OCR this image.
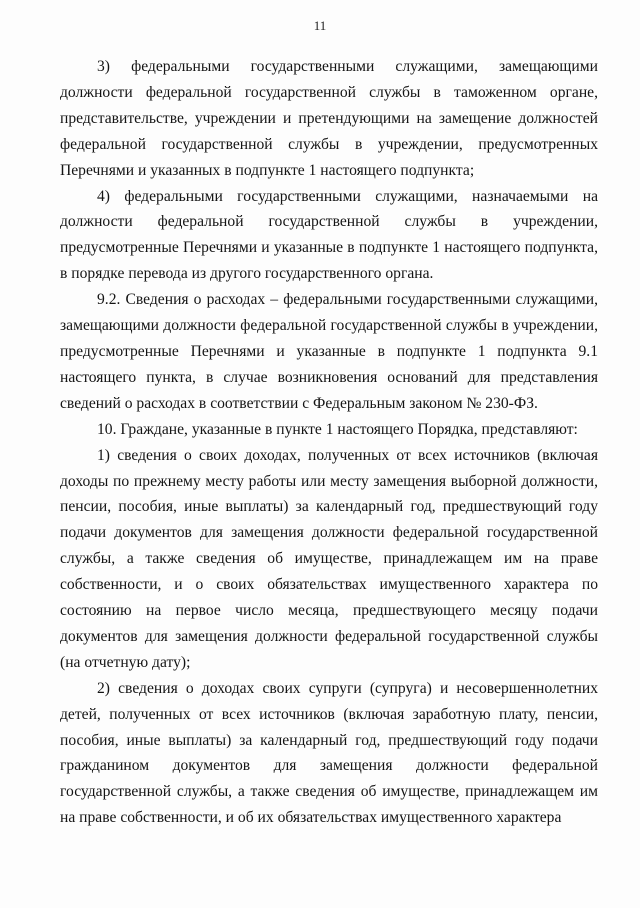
11

3) федеральными государственными служащими, замещающими должности федеральной государственной службы в таможенном органе, представительстве, учреждении и претендующими на замещение должностей федеральной государственной службы в учреждении, предусмотренных Перечнями и указанных в подпункте 1 настоящего подпункта;

4) федеральными государственными служащими, назначаемыми на должности федеральной государственной службы в учреждении, предусмотренные Перечнями и указанные в подпункте 1 настоящего подпункта, в порядке перевода из другого государственного органа.

9.2. Сведения о расходах – федеральными государственными служащими, замещающими должности федеральной государственной службы в учреждении, предусмотренные Перечнями и указанные в подпункте 1 подпункта 9.1 настоящего пункта, в случае возникновения оснований для представления сведений о расходах в соответствии с Федеральным законом № 230-ФЗ.

10. Граждане, указанные в пункте 1 настоящего Порядка, представляют:

1) сведения о своих доходах, полученных от всех источников (включая доходы по прежнему месту работы или месту замещения выборной должности, пенсии, пособия, иные выплаты) за календарный год, предшествующий году подачи документов для замещения должности федеральной государственной службы, а также сведения об имуществе, принадлежащем им на праве собственности, и о своих обязательствах имущественного характера по состоянию на первое число месяца, предшествующего месяцу подачи документов для замещения должности федеральной государственной службы (на отчетную дату);

2) сведения о доходах своих супруги (супруга) и несовершеннолетних детей, полученных от всех источников (включая заработную плату, пенсии, пособия, иные выплаты) за календарный год, предшествующий году подачи гражданином документов для замещения должности федеральной государственной службы, а также сведения об имуществе, принадлежащем им на праве собственности, и об их обязательствах имущественного характера
